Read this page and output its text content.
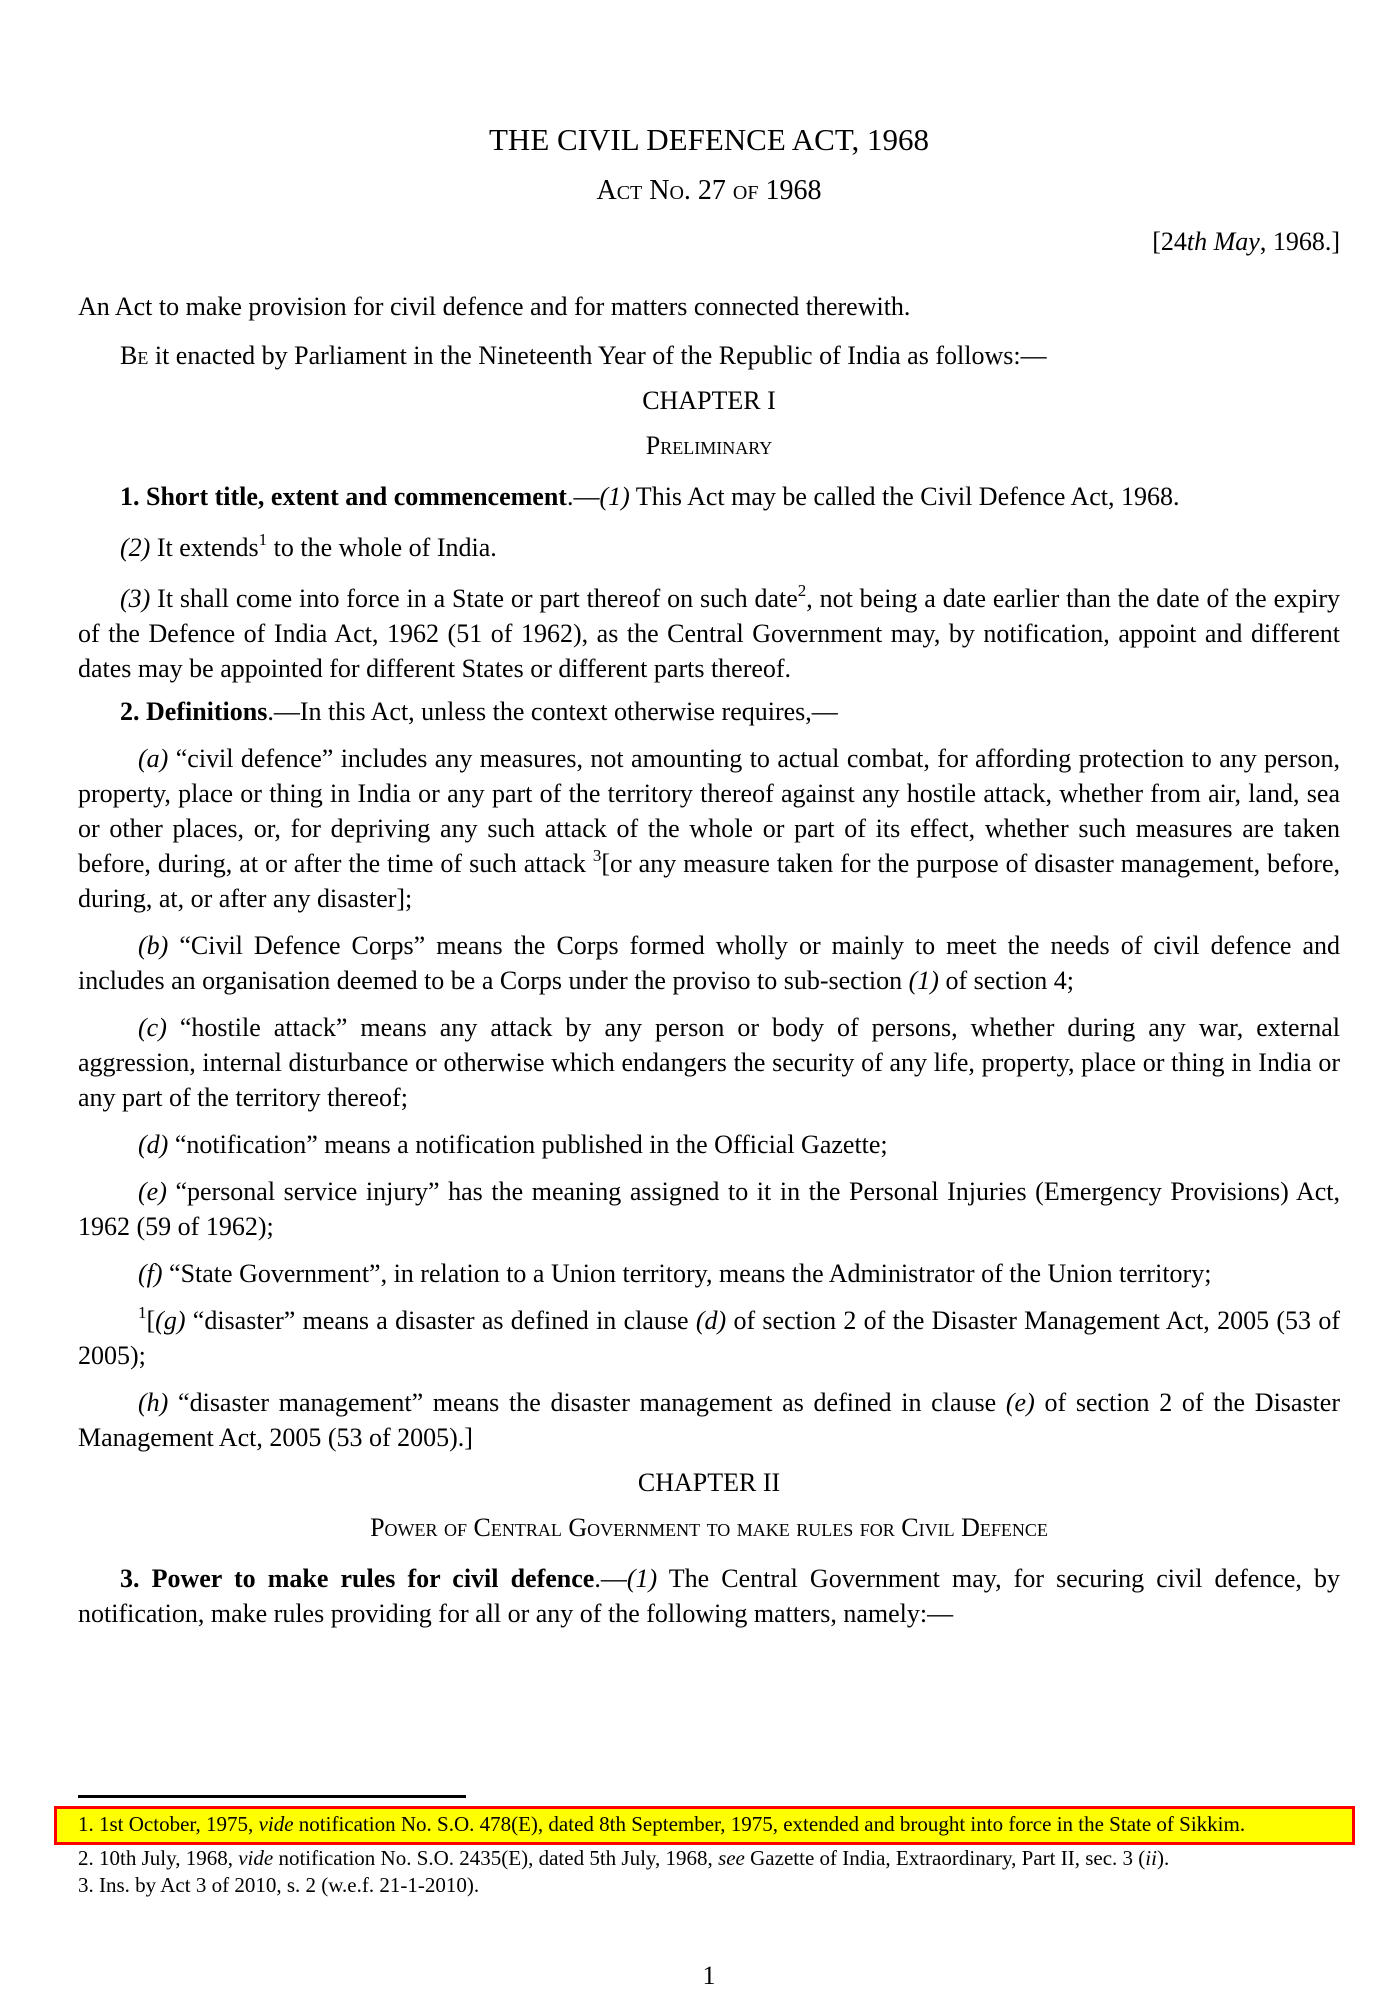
THE CIVIL DEFENCE ACT, 1968
Act No. 27 of 1968
[24th May, 1968.]

An Act to make provision for civil defence and for matters connected therewith.

Be it enacted by Parliament in the Nineteenth Year of the Republic of India as follows:—

CHAPTER I
Preliminary

1. Short title, extent and commencement.—(1) This Act may be called the Civil Defence Act, 1968.

(2) It extends$^1$ to the whole of India.

(3) It shall come into force in a State or part thereof on such date$^2$, not being a date earlier than the date of the expiry of the Defence of India Act, 1962 (51 of 1962), as the Central Government may, by notification, appoint and different dates may be appointed for different States or different parts thereof.

2. Definitions.—In this Act, unless the context otherwise requires,—

(a) “civil defence” includes any measures, not amounting to actual combat, for affording protection to any person, property, place or thing in India or any part of the territory thereof against any hostile attack, whether from air, land, sea or other places, or, for depriving any such attack of the whole or part of its effect, whether such measures are taken before, during, at or after the time of such attack $^3$[or any measure taken for the purpose of disaster management, before, during, at, or after any disaster];

(b) “Civil Defence Corps” means the Corps formed wholly or mainly to meet the needs of civil defence and includes an organisation deemed to be a Corps under the proviso to sub-section (1) of section 4;

(c) “hostile attack” means any attack by any person or body of persons, whether during any war, external aggression, internal disturbance or otherwise which endangers the security of any life, property, place or thing in India or any part of the territory thereof;

(d) “notification” means a notification published in the Official Gazette;

(e) “personal service injury” has the meaning assigned to it in the Personal Injuries (Emergency Provisions) Act, 1962 (59 of 1962);

(f) “State Government”, in relation to a Union territory, means the Administrator of the Union territory;

$^1$[(g) “disaster” means a disaster as defined in clause (d) of section 2 of the Disaster Management Act, 2005 (53 of 2005);

(h) “disaster management” means the disaster management as defined in clause (e) of section 2 of the Disaster Management Act, 2005 (53 of 2005).]

CHAPTER II
Power of Central Government to make rules for Civil Defence

3. Power to make rules for civil defence.—(1) The Central Government may, for securing civil defence, by notification, make rules providing for all or any of the following matters, namely:—

1. 1st October, 1975, vide notification No. S.O. 478(E), dated 8th September, 1975, extended and brought into force in the State of Sikkim.
2. 10th July, 1968, vide notification No. S.O. 2435(E), dated 5th July, 1968, see Gazette of India, Extraordinary, Part II, sec. 3 (ii).
3. Ins. by Act 3 of 2010, s. 2 (w.e.f. 21-1-2010).
1
